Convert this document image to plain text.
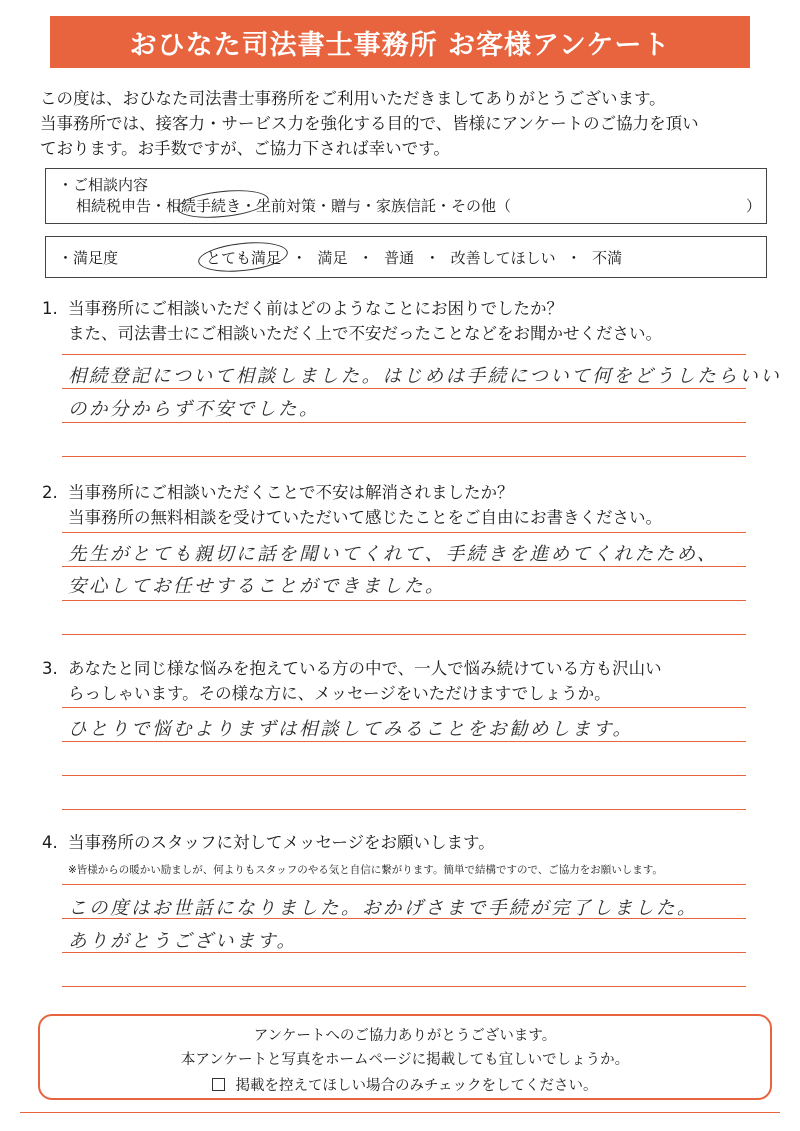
おひなた司法書士事務所 お客様アンケート
この度は、おひなた司法書士事務所をご利用いただきましてありがとうございます。
当事務所では、接客力・サービス力を強化する目的で、皆様にアンケートのご協力を頂い
ております。お手数ですが、ご協力下されば幸いです。
・ご相談内容
相続税申告・相続手続き・生前対策・贈与・家族信託・その他（	）
・満足度	とても満足 ・ 満足 ・ 普通 ・ 改善してほしい ・ 不満
1. 当事務所にご相談いただく前はどのようなことにお困りでしたか？
また、司法書士にご相談いただく上で不安だったことなどをお聞かせください。
相続登記について相談しました。はじめは手続について何をどうしたらいい
のか分からず不安でした。
2. 当事務所にご相談いただくことで不安は解消されましたか？
当事務所の無料相談を受けていただいて感じたことをご自由にお書きください。
先生がとても親切に話を聞いてくれて、手続きを進めてくれたため、
安心してお任せすることができました。
3. あなたと同じ様な悩みを抱えている方の中で、一人で悩み続けている方も沢山い
らっしゃいます。その様な方に、メッセージをいただけますでしょうか。
ひとりで悩むよりまずは相談してみることをお勧めします。
4. 当事務所のスタッフに対してメッセージをお願いします。
※皆様からの暖かい励ましが、何よりもスタッフのやる気と自信に繋がります。簡単で結構ですので、ご協力をお願いします。
この度はお世話になりました。おかげさまで手続が完了しました。
ありがとうございます。
アンケートへのご協力ありがとうございます。
本アンケートと写真をホームページに掲載しても宜しいでしょうか。
掲載を控えてほしい場合のみチェックをしてください。
